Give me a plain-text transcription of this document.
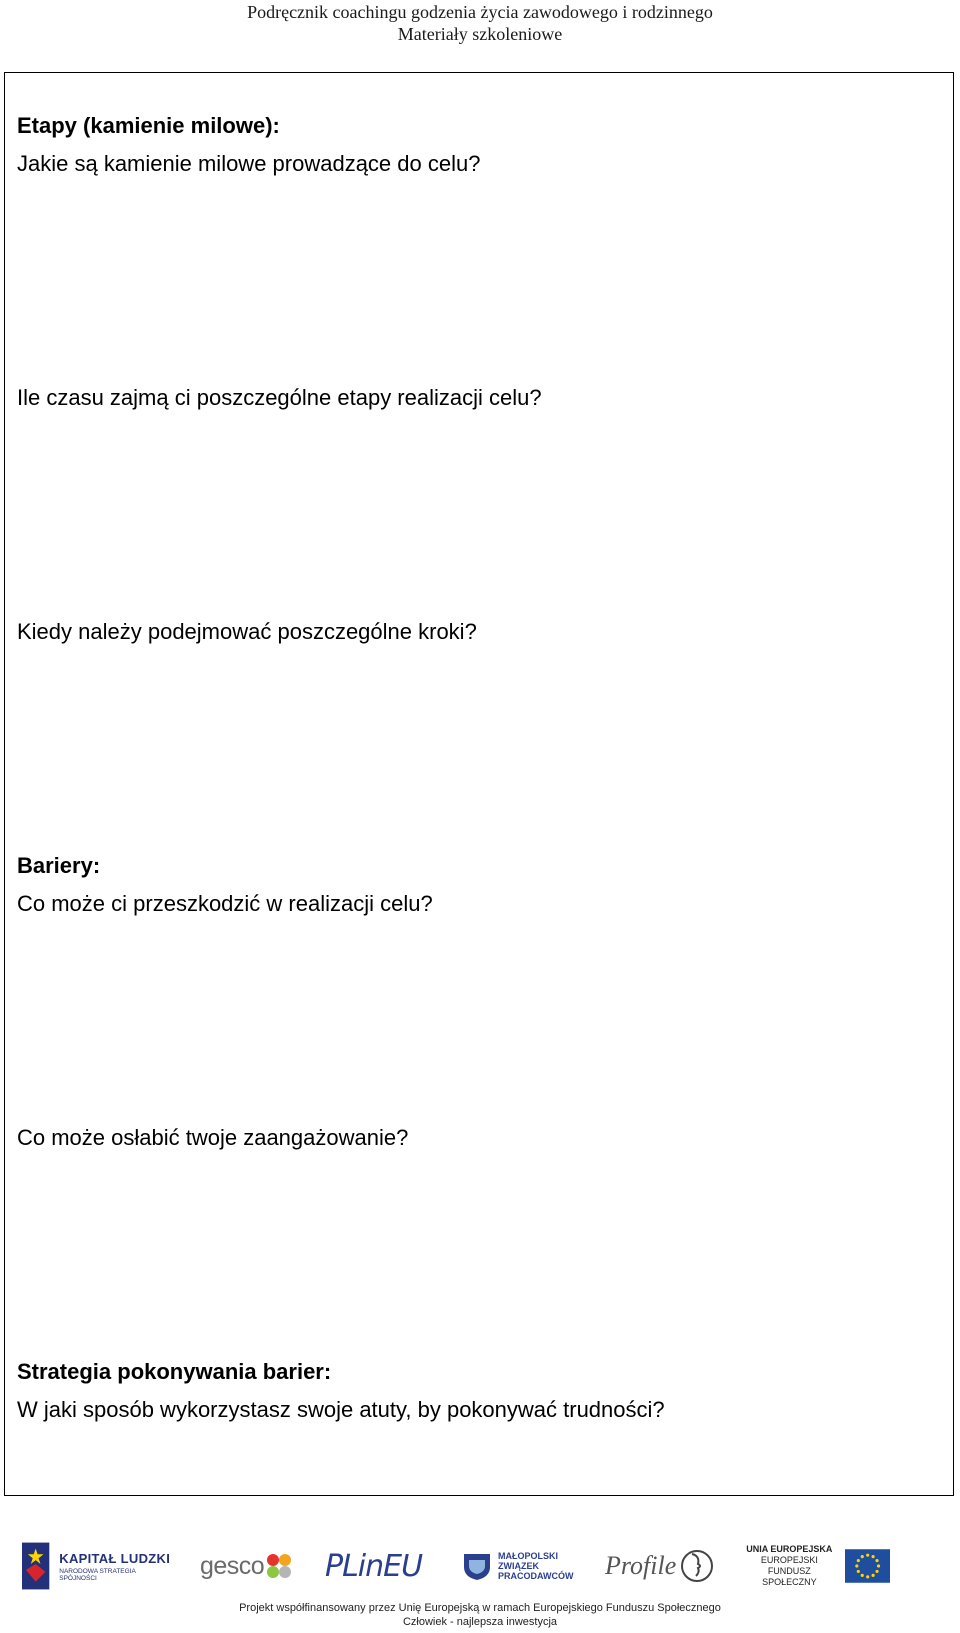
Podręcznik coachingu godzenia życia zawodowego i rodzinnego
Materiały szkoleniowe
Etapy (kamienie milowe):
Jakie są kamienie milowe prowadzące do celu?
Ile czasu zajmą ci poszczególne etapy realizacji celu?
Kiedy należy podejmować poszczególne kroki?
Bariery:
Co może ci przeszkodzić w realizacji celu?
Co może osłabić twoje zaangażowanie?
Strategia pokonywania barier:
W jaki sposób wykorzystasz swoje atuty, by pokonywać trudności?
KAPITAŁ LUDZKI
NARODOWA STRATEGIA SPÓJNOŚCI	gesco PLinEU	MAŁOPOLSKI
ZWIĄZEK
PRACODAWCÓW Profile
UNIA EUROPEJSKA
EUROPEJSKI
FUNDUSZ SPOŁECZNY
Projekt współfinansowany przez Unię Europejską w ramach Europejskiego Funduszu Społecznego
Człowiek - najlepsza inwestycja
